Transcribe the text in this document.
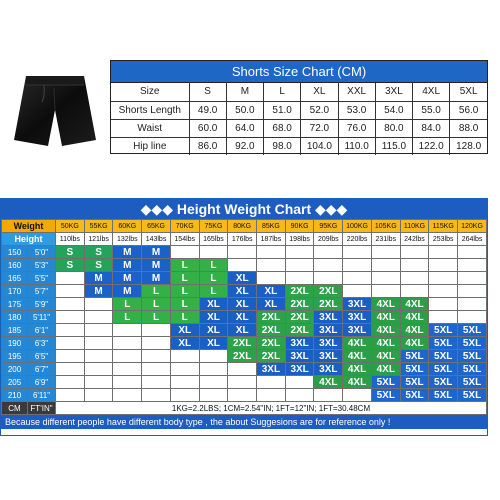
Shorts Size Chart (CM)
Size	S	M	L	XL	XXL	3XL	4XL	5XL
Shorts Length	49.0	50.0	51.0	52.0	53.0	54.0	55.0	56.0
Waist	60.0	64.0	68.0	72.0	76.0	80.0	84.0	88.0
Hip line	86.0	92.0	98.0	104.0	110.0	115.0	122.0	128.0
◆◆◆ Height Weight Chart ◆◆◆
Weight		50KG	55KG	60KG	65KG	70KG	75KG	80KG	85KG	90KG	95KG	100KG	105KG	110KG	115KG	120KG
Height		110lbs	121lbs	132lbs	143lbs	154lbs	165lbs	176lbs	187lbs	198lbs	209lbs	220lbs	231lbs	242lbs	253lbs	264lbs
150	5'0"	S	S	M	M											
160	5'3"	S	S	M	M	L	L									
165	5'5"		M	M	M	L	L	XL								
170	5'7"		M	M	L	L	L	XL	XL	2XL	2XL					
175	5'9"			L	L	L	XL	XL	XL	2XL	2XL	3XL	4XL	4XL		
180	5'11"			L	L	L	XL	XL	2XL	2XL	3XL	3XL	4XL	4XL		
185	6'1"					XL	XL	XL	2XL	2XL	3XL	3XL	4XL	4XL	5XL	5XL
190	6'3"					XL	XL	2XL	2XL	3XL	3XL	4XL	4XL	4XL	5XL	5XL
195	6'5"							2XL	2XL	3XL	3XL	4XL	4XL	5XL	5XL	5XL
200	6'7"								3XL	3XL	3XL	4XL	4XL	5XL	5XL	5XL
205	6'9"										4XL	4XL	5XL	5XL	5XL	5XL
210	6'11"												5XL	5XL	5XL	5XL
CM	FT'IN"	1KG=2.2LBS; 1CM=2.54"IN; 1FT=12"IN; 1FT=30.48CM														
Because different people have different body type , the about Suggesions are for reference only !
